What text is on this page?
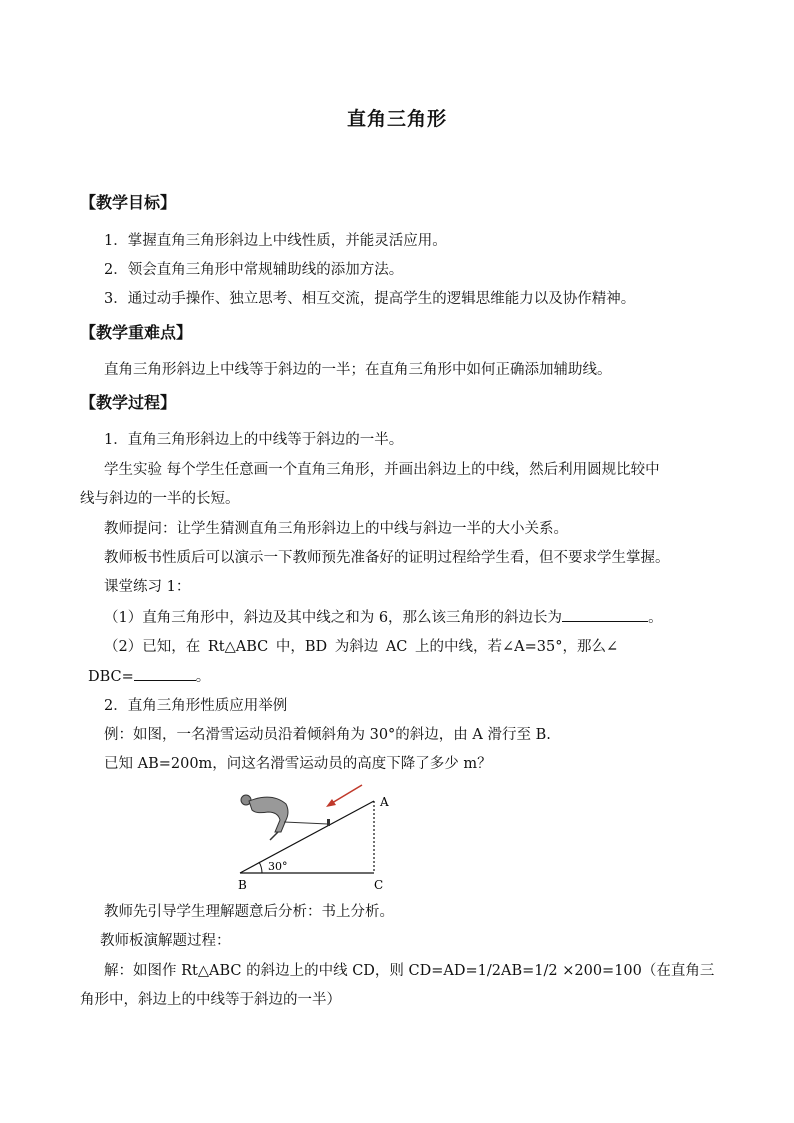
直角三角形
【教学目标】
1．掌握直角三角形斜边上中线性质，并能灵活应用。
2．领会直角三角形中常规辅助线的添加方法。
3．通过动手操作、独立思考、相互交流，提高学生的逻辑思维能力以及协作精神。
【教学重难点】
直角三角形斜边上中线等于斜边的一半；在直角三角形中如何正确添加辅助线。
【教学过程】
1．直角三角形斜边上的中线等于斜边的一半。
学生实验 每个学生任意画一个直角三角形，并画出斜边上的中线，然后利用圆规比较中
线与斜边的一半的长短。
教师提问：让学生猜测直角三角形斜边上的中线与斜边一半的大小关系。
教师板书性质后可以演示一下教师预先准备好的证明过程给学生看，但不要求学生掌握。
课堂练习 1：
（1）直角三角形中，斜边及其中线之和为 6，那么该三角形的斜边长为	。
（2）已知，在 Rt△ABC 中，BD 为斜边 AC 上的中线，若∠A=35°，那么∠
DBC=	。
2．直角三角形性质应用举例
例：如图，一名滑雪运动员沿着倾斜角为 30°的斜边，由 A 滑行至 B.
已知 AB=200m，问这名滑雪运动员的高度下降了多少 m？
30°
A
B	C
教师先引导学生理解题意后分析：书上分析。
教师板演解题过程：
解：如图作 Rt△ABC 的斜边上的中线 CD，则 CD=AD=1/2AB=1/2 ×200=100（在直角三
角形中，斜边上的中线等于斜边的一半）
